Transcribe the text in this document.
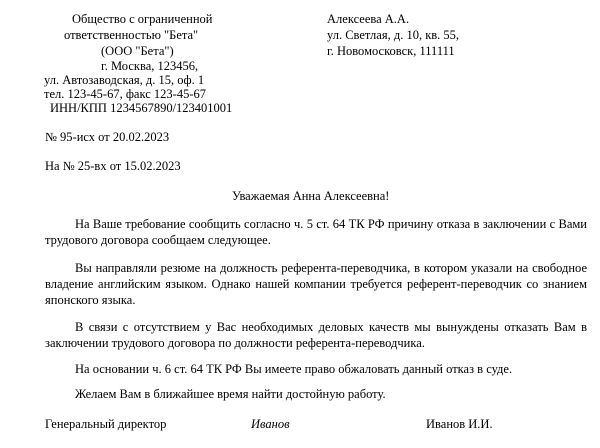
Общество с ограниченной
ответственностью "Бета"
(ООО "Бета")
г. Москва, 123456,
ул. Автозаводская, д. 15, оф. 1
тел. 123-45-67, факс 123-45-67
ИНН/КПП 1234567890/123401001
Алексеева А.А.
ул. Светлая, д. 10, кв. 55,
г. Новомосковск, 111111
№ 95-исх от 20.02.2023
На № 25-вх от 15.02.2023
Уважаемая Анна Алексеевна!
На Ваше требование сообщить согласно ч. 5 ст. 64 ТК РФ причину отказа в заключении с Вами трудового договора сообщаем следующее.
Вы направляли резюме на должность референта-переводчика, в котором указали на свободное владение английским языком. Однако нашей компании требуется референт-переводчик со знанием японского языка.
В связи с отсутствием у Вас необходимых деловых качеств мы вынуждены отказать Вам в заключении трудового договора по должности референта-переводчика.
На основании ч. 6 ст. 64 ТК РФ Вы имеете право обжаловать данный отказ в суде.
Желаем Вам в ближайшее время найти достойную работу.
Генеральный директор	Иванов	Иванов И.И.
